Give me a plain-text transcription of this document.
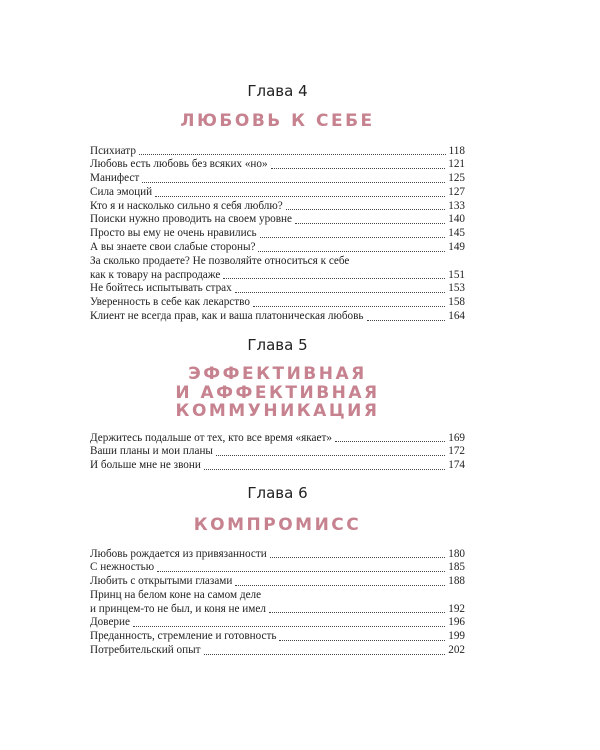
Глава 4
ЛЮБОВЬ К СЕБЕ
Психиатр	118
Любовь есть любовь без всяких «но»	121
Манифест	125
Сила эмоций	127
Кто я и насколько сильно я себя люблю?	133
Поиски нужно проводить на своем уровне	140
Просто вы ему не очень нравились	145
А вы знаете свои слабые стороны?	149
За сколько продаете? Не позволяйте относиться к себе
как к товару на распродаже	151
Не бойтесь испытывать страх	153
Уверенность в себе как лекарство	158
Клиент не всегда прав, как и ваша платоническая любовь	164
Глава 5
ЭФФЕКТИВНАЯ
И АФФЕКТИВНАЯ
КОММУНИКАЦИЯ
Держитесь подальше от тех, кто все время «якает»	169
Ваши планы и мои планы	172
И больше мне не звони	174
Глава 6
КОМПРОМИСС
Любовь рождается из привязанности	180
С нежностью	185
Любить с открытыми глазами	188
Принц на белом коне на самом деле
и принцем-то не был, и коня не имел	192
Доверие	196
Преданность, стремление и готовность	199
Потребительский опыт	202
